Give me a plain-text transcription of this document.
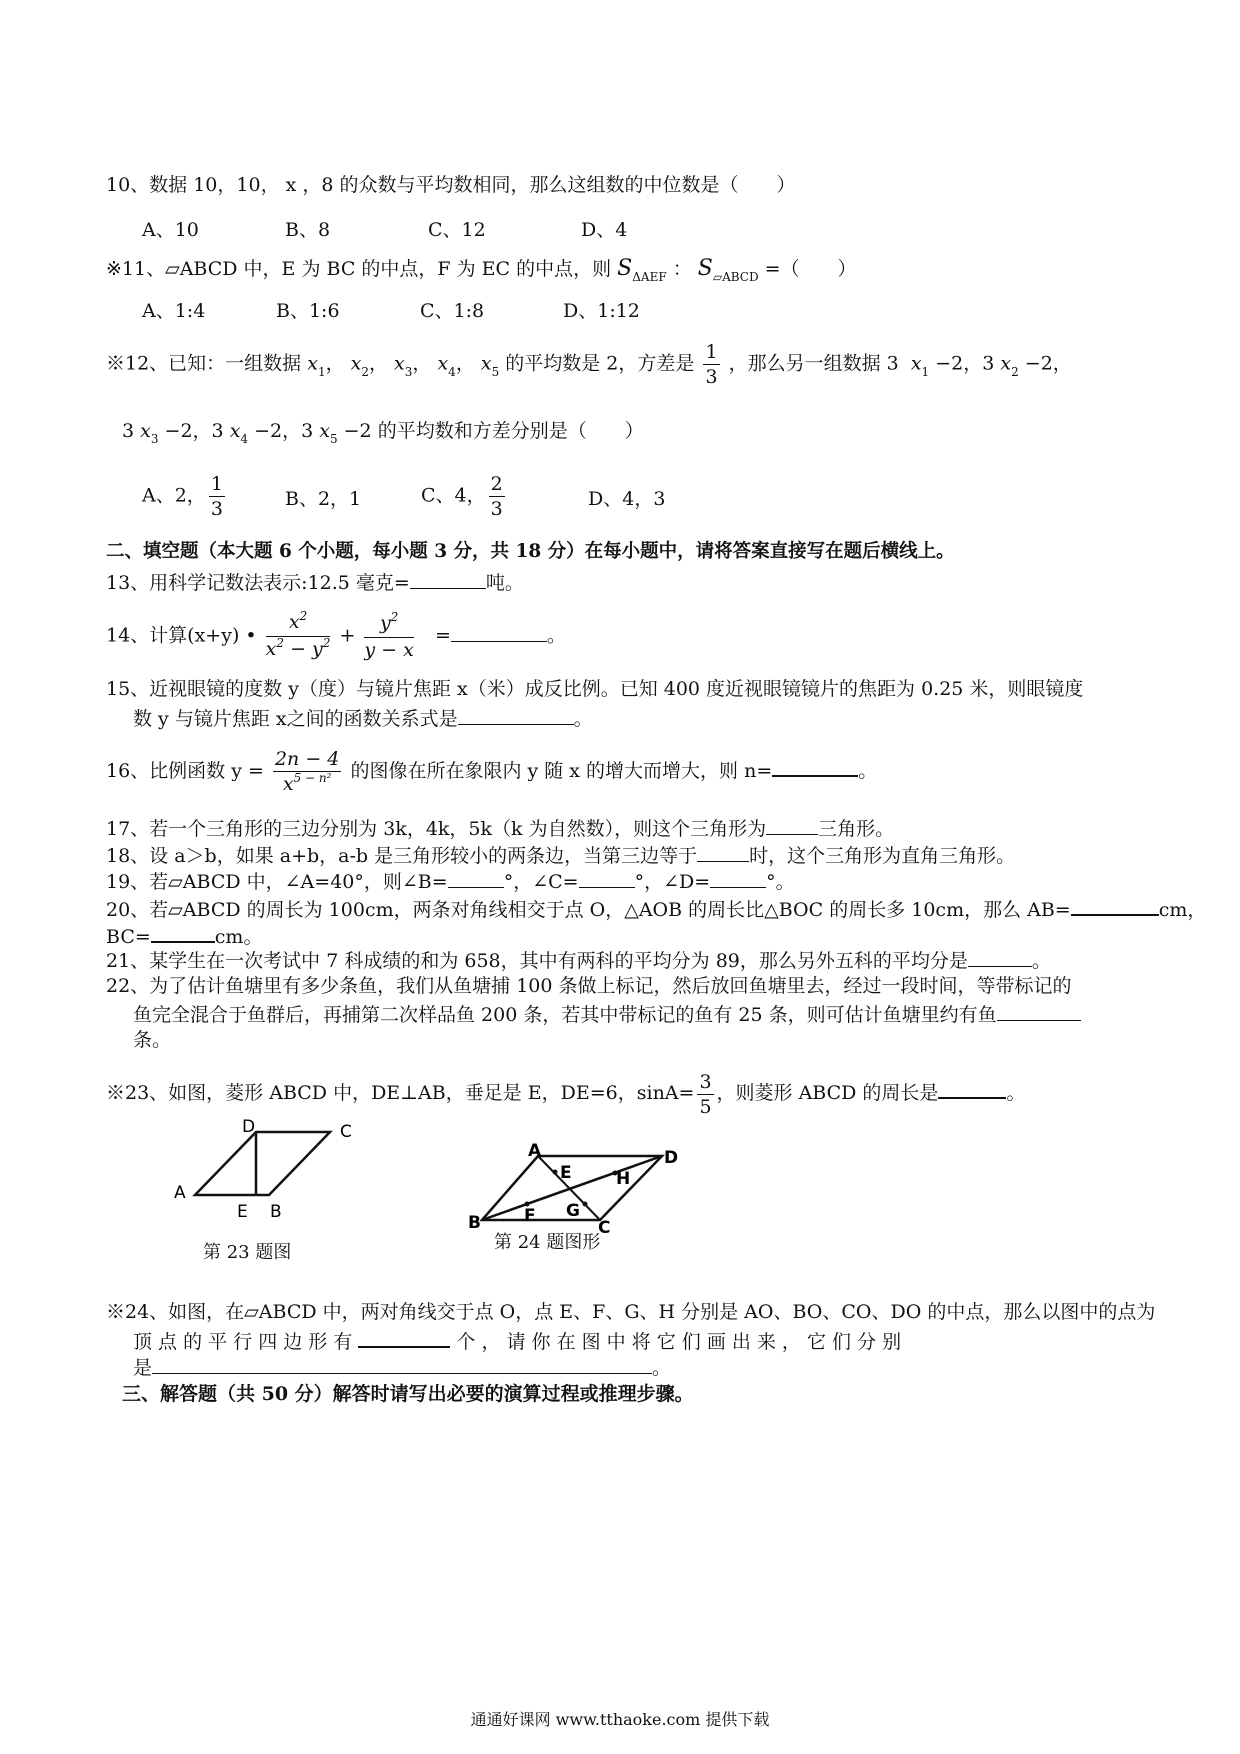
10、数据 10，10， x ，8 的众数与平均数相同，那么这组数的中位数是（　　）
A、10	B、8	C、12	D、4
※11、▱ABCD 中，E 为 BC 的中点，F 为 EC 的中点，则 $S_{\Delta AEF}$ ： $S_{▱ABCD}$ =（　　）
A、1:4	B、1:6	C、1:8	D、1:12
※12、已知：一组数据 $x_1$， $x_2$， $x_3$， $x_4$， $x_5$ 的平均数是 2，方差是 $\frac{1}{3}$ ，那么另一组数据 3 $x_1 -2$，3 $x_2 -2$，
3 $x_3 -2$，3 $x_4 -2$，3 $x_5 -2$ 的平均数和方差分别是（　　）
A、2， $\frac{1}{3}$	B、2，1	C、4， $\frac{2}{3}$	D、4，3
二、填空题（本大题 6 个小题，每小题 3 分，共 18 分）在每小题中，请将答案直接写在题后横线上。
13、用科学记数法表示:12.5 毫克=	吨。
14、计算(x+y) • $\frac{x^2}{x^2 - y^2} + \frac{y^2}{y - x}$ =	。
15、近视眼镜的度数 y（度）与镜片焦距 x（米）成反比例。已知 400 度近视眼镜镜片的焦距为 0.25 米，则眼镜度
数 y 与镜片焦距 x之间的函数关系式是	。
16、比例函数 $y = \frac{2n - 4}{x^{5 - n^2}}$ 的图像在所在象限内 y 随 x 的增大而增大，则 n=	。
17、若一个三角形的三边分别为 3k，4k，5k（k 为自然数），则这个三角形为	三角形。
18、设 a＞b，如果 a+b，a-b 是三角形较小的两条边，当第三边等于	时，这个三角形为直角三角形。
19、若▱ABCD 中，∠A=40°，则∠B=	°，∠C=	°，∠D=	°。
20、若▱ABCD 的周长为 100cm，两条对角线相交于点 O，△AOB 的周长比△BOC 的周长多 10cm，那么 AB=	cm，
BC=	cm。
21、某学生在一次考试中 7 科成绩的和为 658，其中有两科的平均分为 89，那么另外五科的平均分是	。
22、为了估计鱼塘里有多少条鱼，我们从鱼塘捕 100 条做上标记，然后放回鱼塘里去，经过一段时间，等带标记的
鱼完全混合于鱼群后，再捕第二次样品鱼 200 条，若其中带标记的鱼有 25 条，则可估计鱼塘里约有鱼
条。
※23、如图，菱形 ABCD 中，DE⊥AB，垂足是 E，DE=6，$\sin A= \frac{3}{5}$ ，则菱形 ABCD 的周长是	。
D	C
A
E B
第 23 题图
A	D
E	H
B	F G
C
第 24 题图形
※24、如图，在▱ABCD 中，两对角线交于点 O，点 E、F、G、H 分别是 AO、BO、CO、DO 的中点，那么以图中的点为
顶 点 的 平 行 四 边 形 有	个 ， 请 你 在 图 中 将 它 们 画 出 来 ， 它 们 分 别
是	。
三、解答题（共 50 分）解答时请写出必要的演算过程或推理步骤。
通通好课网 www.tthaoke.com 提供下载
